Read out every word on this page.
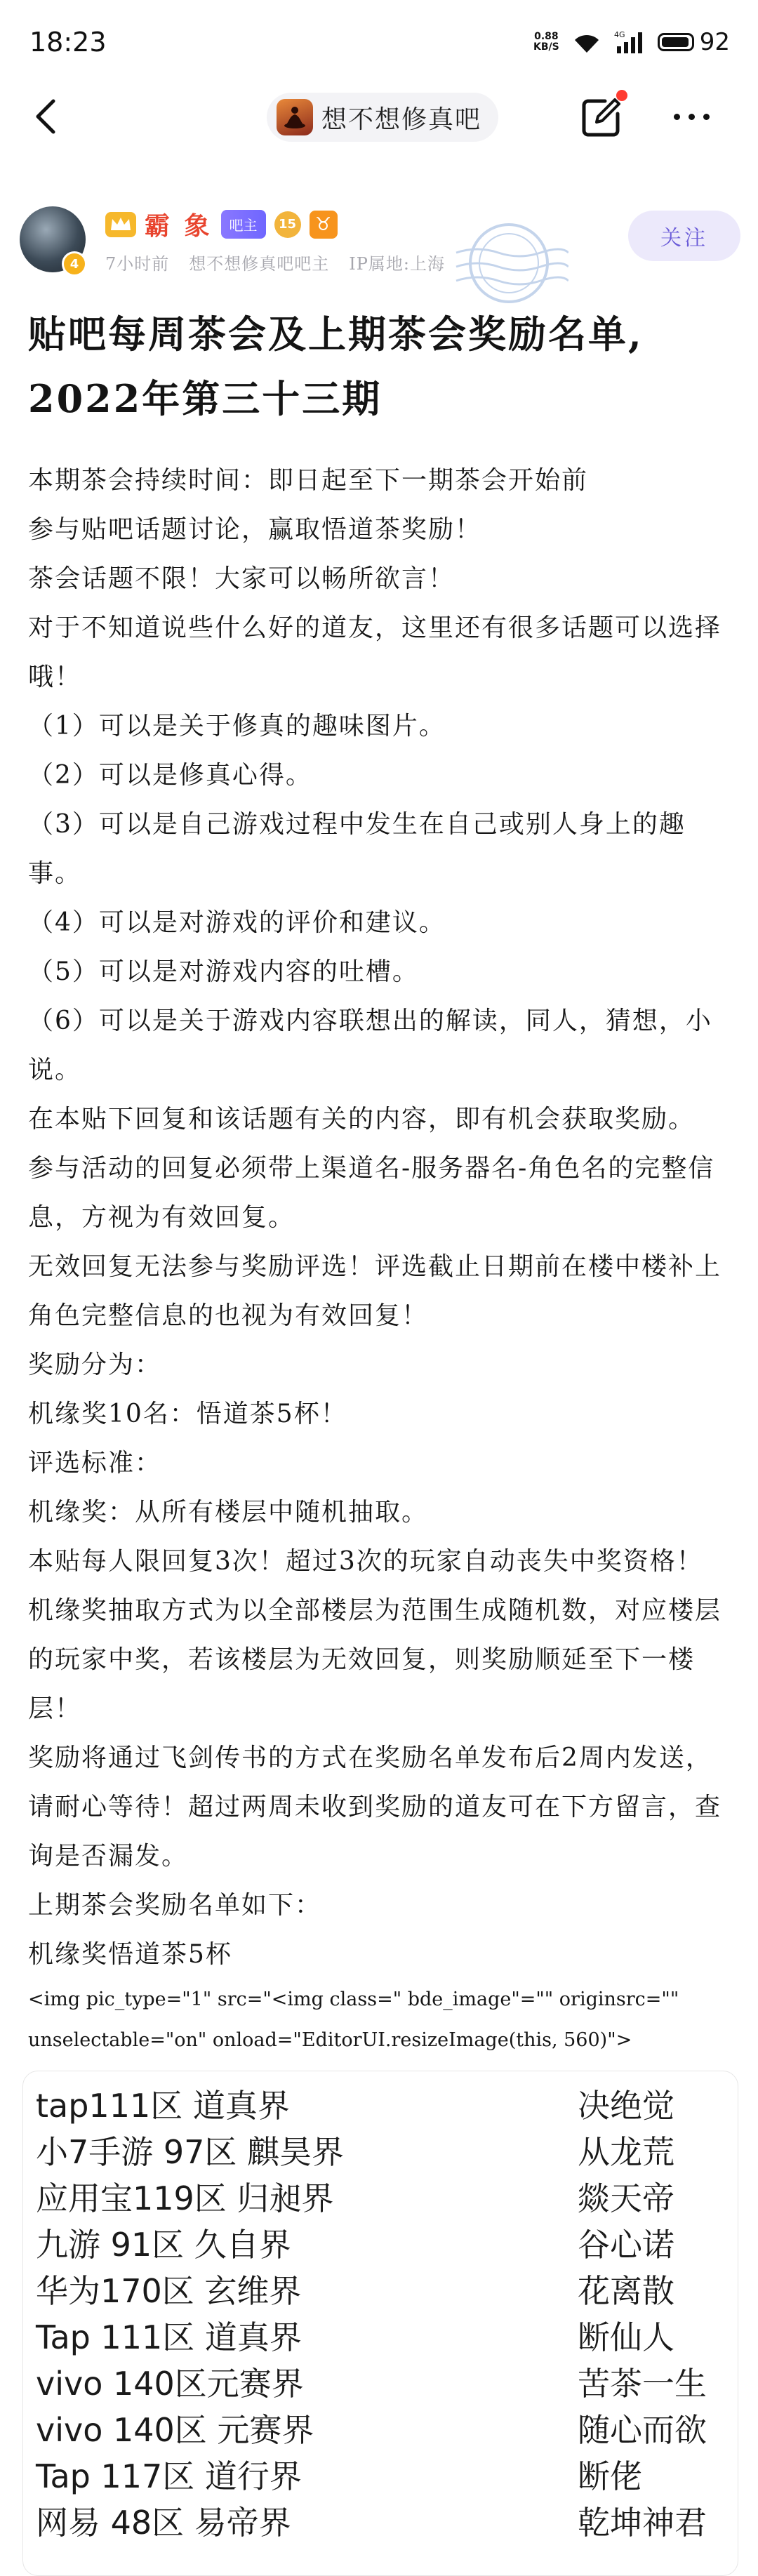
18:23	0.88
KB/S
4G	92
想不想修真吧
4
霸 象	吧主	15	♉
7小时前 想不想修真吧吧主 IP属地:上海
关注
贴吧每周茶会及上期茶会奖励名单,
2022年第三十三期

本期茶会持续时间：即日起至下一期茶会开始前

参与贴吧话题讨论，赢取悟道茶奖励！

茶会话题不限！大家可以畅所欲言！

对于不知道说些什么好的道友，这里还有很多话题可以选择哦！

（1）可以是关于修真的趣味图片。

（2）可以是修真心得。

（3）可以是自己游戏过程中发生在自己或别人身上的趣事。

（4）可以是对游戏的评价和建议。

（5）可以是对游戏内容的吐槽。

（6）可以是关于游戏内容联想出的解读，同人，猜想，小说。

在本贴下回复和该话题有关的内容，即有机会获取奖励。

参与活动的回复必须带上渠道名-服务器名-角色名的完整信息，方视为有效回复。

无效回复无法参与奖励评选！评选截止日期前在楼中楼补上角色完整信息的也视为有效回复！

奖励分为：

机缘奖10名：悟道茶5杯！

评选标准：

机缘奖：从所有楼层中随机抽取。

本贴每人限回复3次！超过3次的玩家自动丧失中奖资格！

机缘奖抽取方式为以全部楼层为范围生成随机数，对应楼层的玩家中奖，若该楼层为无效回复，则奖励顺延至下一楼层！

奖励将通过飞剑传书的方式在奖励名单发布后2周内发送，请耐心等待！超过两周未收到奖励的道友可在下方留言，查询是否漏发。

上期茶会奖励名单如下：

机缘奖悟道茶5杯

<img pic_type="1" src="<img class=" bde_image"="" originsrc="" unselectable="on" onload="EditorUI.resizeImage(this, 560)">

tap111区 道真界	决绝觉
小7手游 97区 麒昊界	从龙荒
应用宝119区 归昶界	燚天帝
九游 91区 久自界	谷心诺
华为170区 玄维界	花离散
Tap 111区 道真界	断仙人
vivo 140区元赛界	苦茶一生
vivo 140区 元赛界	随心而欲
Tap 117区 道行界	断佬
网易 48区 易帝界	乾坤神君
